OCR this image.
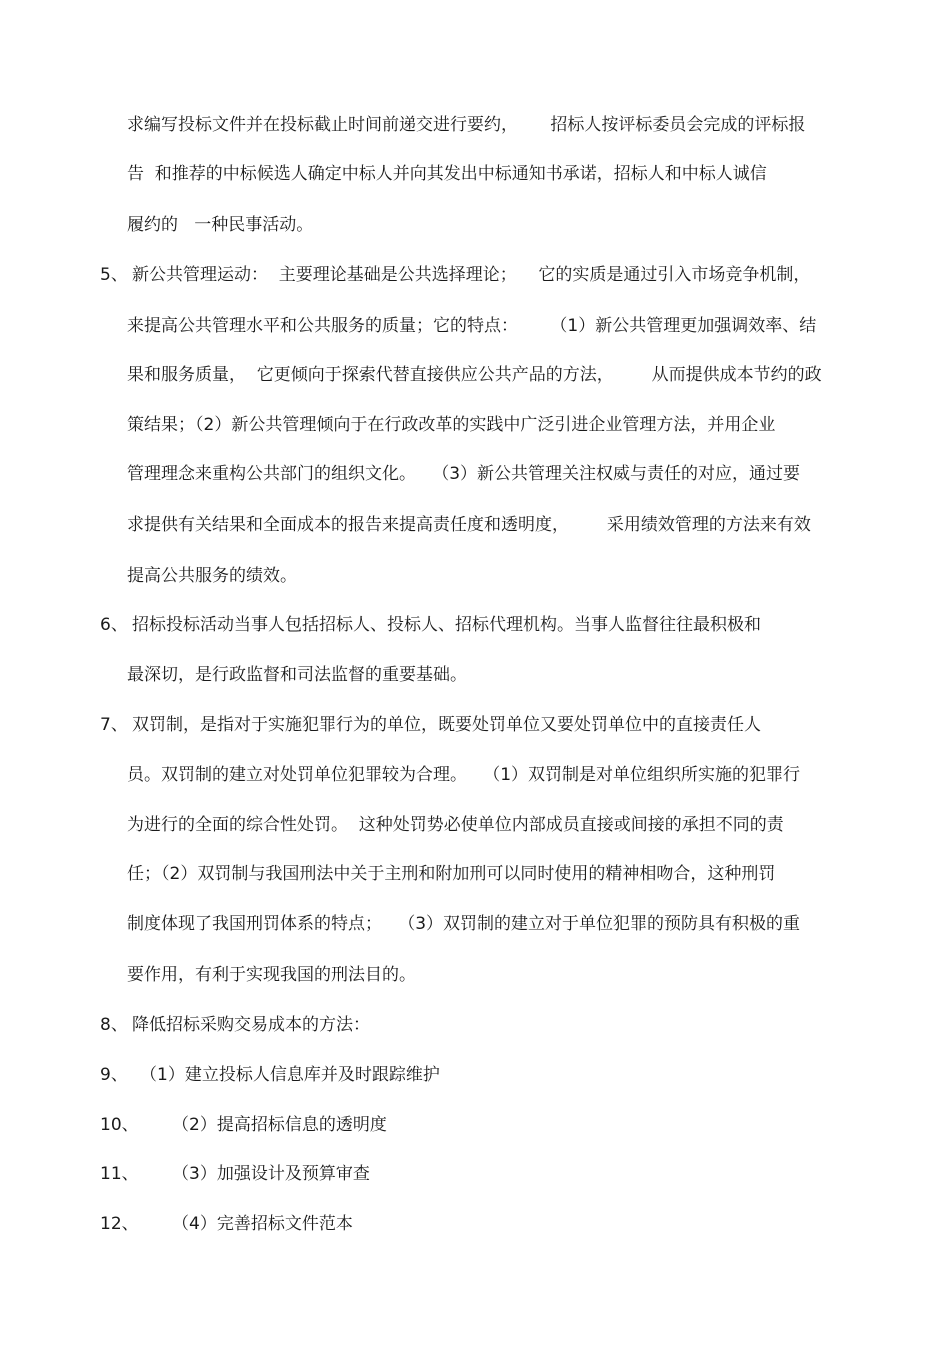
求编写投标文件并在投标截止时间前递交进行要约，      招标人按评标委员会完成的评标报
告  和推荐的中标候选人确定中标人并向其发出中标通知书承诺，招标人和中标人诚信
履约的   一种民事活动。
5、 新公共管理运动：  主要理论基础是公共选择理论；    它的实质是通过引入市场竞争机制，
来提高公共管理水平和公共服务的质量；它的特点：      （1）新公共管理更加强调效率、结
果和服务质量，  它更倾向于探索代替直接供应公共产品的方法，       从而提供成本节约的政
策结果；（2）新公共管理倾向于在行政改革的实践中广泛引进企业管理方法，并用企业
管理理念来重构公共部门的组织文化。   （3）新公共管理关注权威与责任的对应，通过要
求提供有关结果和全面成本的报告来提高责任度和透明度，       采用绩效管理的方法来有效
提高公共服务的绩效。
6、 招标投标活动当事人包括招标人、投标人、招标代理机构。当事人监督往往最积极和
最深切，是行政监督和司法监督的重要基础。
7、 双罚制，是指对于实施犯罪行为的单位，既要处罚单位又要处罚单位中的直接责任人
员。双罚制的建立对处罚单位犯罪较为合理。   （1）双罚制是对单位组织所实施的犯罪行
为进行的全面的综合性处罚。  这种处罚势必使单位内部成员直接或间接的承担不同的责
任；（2）双罚制与我国刑法中关于主刑和附加刑可以同时使用的精神相吻合，这种刑罚
制度体现了我国刑罚体系的特点；   （3）双罚制的建立对于单位犯罪的预防具有积极的重
要作用，有利于实现我国的刑法目的。
8、 降低招标采购交易成本的方法：
9、 （1）建立投标人信息库并及时跟踪维护
10、 （2）提高招标信息的透明度
11、 （3）加强设计及预算审查
12、 （4）完善招标文件范本
